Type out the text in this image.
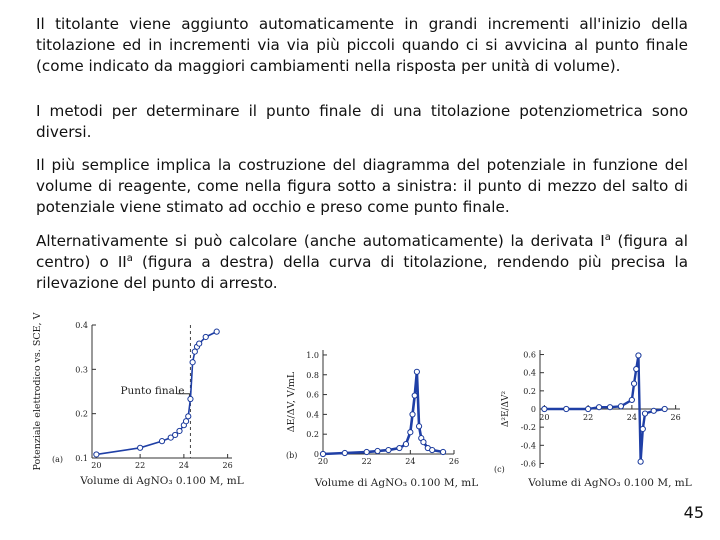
Il titolante viene aggiunto automaticamente in grandi incrementi all'inizio della titolazione ed in incrementi via via più piccoli quando ci si avvicina al punto finale (come indicato da maggiori cambiamenti nella risposta per unità di volume).

I metodi per determinare il punto finale di una titolazione potenziometrica sono diversi.

Il più semplice implica la costruzione del diagramma del potenziale in funzione del volume di reagente, come nella figura sotto a sinistra: il punto di mezzo del salto di potenziale viene stimato ad occhio e preso come punto finale.

Alternativamente si può calcolare (anche automaticamente) la derivata $I^a$ (figura al centro) o $II^a$ (figura a destra) della curva di titolazione, rendendo più precisa la rilevazione del punto di arresto.

0.1
0.2
0.3
0.4
20	22	24	26
Volume di AgNO₃ 0.100 M, mL
Potenziale elettrodico vs. SCE, V (a)
Punto finale
0
0.2
0.4
0.6
0.8
1.0
20	22	24	26
Volume di AgNO₃ 0.100 M, mL
ΔE/ΔV, V/mL
(b)
-0.6
-0.4
-0.2
0
0.2
0.4
0.6
20	22	24	26
Volume di AgNO₃ 0.100 M, mL
Δ²E/ΔV²
(c)
45
